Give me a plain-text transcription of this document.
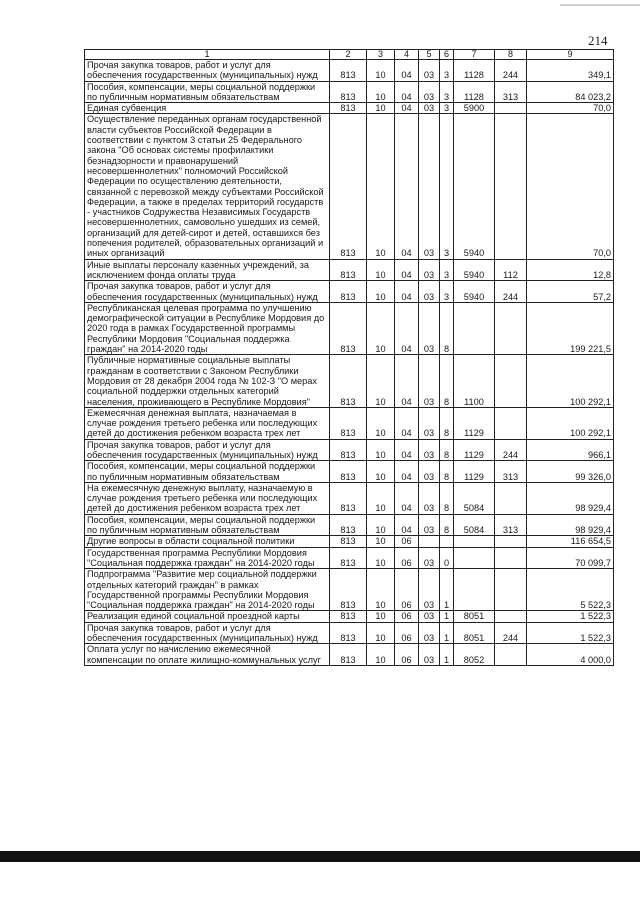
214
1	2	3	4	5	6	7	8	9
Прочая закупка товаров, работ и услуг для обеспечения государственных (муниципальных) нужд	813	10	04	03	3	1128	244	349,1
Пособия, компенсации, меры социальной поддержки по публичным нормативным обязательствам	813	10	04	03	3	1128	313	84 023,2
Единая субвенция	813	10	04	03	3	5900		70,0
Осуществление переданных органам государственной власти субъектов Российской Федерации в соответствии с пунктом 3 статьи 25 Федерального закона "Об основах системы профилактики безнадзорности и правонарушений несовершеннолетних" полномочий Российской Федерации по осуществлению деятельности, связанной с перевозкой между субъектами Российской Федерации, а также в пределах территорий государств - участников Содружества Независимых Государств несовершеннолетних, самовольно ушедших из семей, организаций для детей-сирот и детей, оставшихся без попечения родителей, образовательных организаций и иных организаций	813	10	04	03	3	5940		70,0
Иные выплаты персоналу казенных учреждений, за исключением фонда оплаты труда	813	10	04	03	3	5940	112	12,8
Прочая закупка товаров, работ и услуг для обеспечения государственных (муниципальных) нужд	813	10	04	03	3	5940	244	57,2
Республиканская целевая программа по улучшению демографической ситуации в Республике Мордовия до 2020 года в рамках Государственной программы Республики Мордовия "Социальная поддержка граждан" на 2014-2020 годы	813	10	04	03	8			199 221,5
Публичные нормативные социальные выплаты гражданам в соответствии с Законом Республики Мордовия от 28 декабря 2004 года № 102-З "О мерах социальной поддержки отдельных категорий населения, проживающего в Республике Мордовия"	813	10	04	03	8	1100		100 292,1
Ежемесячная денежная выплата, назначаемая в случае рождения третьего ребенка или последующих детей до достижения ребенком возраста трех лет	813	10	04	03	8	1129		100 292,1
Прочая закупка товаров, работ и услуг для обеспечения государственных (муниципальных) нужд	813	10	04	03	8	1129	244	966,1
Пособия, компенсации, меры социальной поддержки по публичным нормативным обязательствам	813	10	04	03	8	1129	313	99 326,0
На ежемесячную денежную выплату, назначаемую в случае рождения третьего ребенка или последующих детей до достижения ребенком возраста трех лет	813	10	04	03	8	5084		98 929,4
Пособия, компенсации, меры социальной поддержки по публичным нормативным обязательствам	813	10	04	03	8	5084	313	98 929,4
Другие вопросы в области социальной политики	813	10	06					116 654,5
Государственная программа Республики Мордовия "Социальная поддержка граждан" на 2014-2020 годы	813	10	06	03	0			70 099,7
Подпрограмма "Развитие мер социальной поддержки отдельных категорий граждан" в рамках Государственной программы Республики Мордовия "Социальная поддержка граждан" на 2014-2020 годы	813	10	06	03	1			5 522,3
Реализация единой социальной проездной карты	813	10	06	03	1	8051		1 522,3
Прочая закупка товаров, работ и услуг для обеспечения государственных (муниципальных) нужд	813	10	06	03	1	8051	244	1 522,3
Оплата услуг по начислению ежемесячной компенсации по оплате жилищно-коммунальных услуг	813	10	06	03	1	8052		4 000,0
